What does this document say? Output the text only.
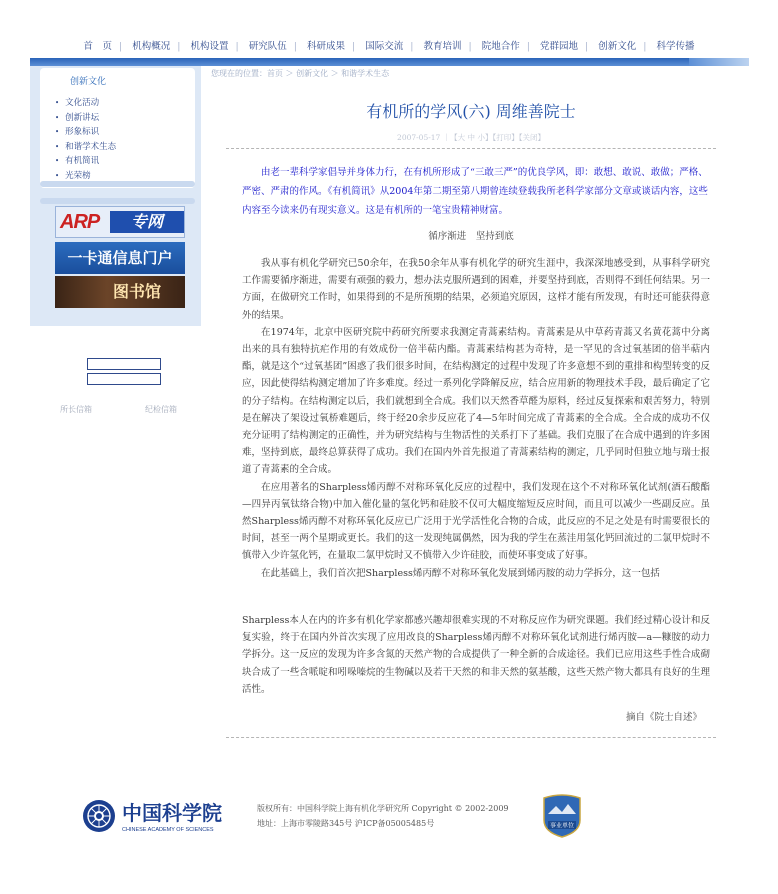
首　页 | 机构概况 | 机构设置 | 研究队伍 | 科研成果 | 国际交流 | 教育培训 | 院地合作 | 党群园地 | 创新文化 | 科学传播
创新文化
• 文化活动
• 创新讲坛
• 形象标识
• 和谐学术生态
• 有机简讯
• 光荣榜
ARP	专网
一卡通信息门户
图书馆
所长信箱	纪检信箱
您现在的位置：首页 ＞ 创新文化 ＞ 和谐学术生态
有机所的学风(六) 周维善院士
2007-05-17 ｜【大 中 小】【打印】【关闭】

由老一辈科学家倡导并身体力行，在有机所形成了“三敢三严”的优良学风，即：敢想、敢说、敢做；严格、严密、严肃的作风。《有机简讯》从2004年第二期至第八期曾连续登载我所老科学家部分文章或谈话内容，这些内容至今读来仍有现实意义。这是有机所的一笔宝贵精神财富。

循序渐进　坚持到底

我从事有机化学研究已50余年，在我50余年从事有机化学的研究生涯中，我深深地感受到，从事科学研究工作需要循序渐进，需要有顽强的毅力，想办法克服所遇到的困难，并要坚持到底，否则得不到任何结果。另一方面，在做研究工作时，如果得到的不是所预期的结果，必须追究原因，这样才能有所发现，有时还可能获得意外的结果。

在1974年，北京中医研究院中药研究所要求我测定青蒿素结构。青蒿素是从中草药青蒿又名黄花蒿中分离出来的具有独特抗疟作用的有效成份一倍半萜内酯。青蒿素结构甚为奇特，是一罕见的含过氧基团的倍半萜内酯，就是这个“过氧基团”困惑了我们很多时间，在结构测定的过程中发现了许多意想不到的重排和构型转变的反应，因此使得结构测定增加了许多难度。经过一系列化学降解反应，结合应用新的物理技术手段，最后确定了它的分子结构。在结构测定以后，我们就想到全合成。我们以天然香草醛为原料，经过反复探索和艰苦努力，特别是在解决了架设过氧桥难题后，终于经20余步反应花了4—5年时间完成了青蒿素的全合成。全合成的成功不仅充分证明了结构测定的正确性，并为研究结构与生物活性的关系打下了基础。我们克服了在合成中遇到的许多困难，坚持到底，最终总算获得了成功。我们在国内外首先报道了青蒿素结构的测定，几乎同时但独立地与瑞士报道了青蒿素的全合成。

在应用著名的Sharpless烯丙醇不对称环氧化反应的过程中，我们发现在这个不对称环氧化试剂(酒石酸酯—四异丙氧钛络合物)中加入催化量的氢化钙和硅胶不仅可大幅度缩短反应时间，而且可以减少一些副反应。虽然Sharpless烯丙醇不对称环氧化反应已广泛用于光学活性化合物的合成，此反应的不足之处是有时需要很长的时间，甚至一两个星期或更长。我们的这一发现纯属偶然，因为我的学生在蒸洼用氢化钙回流过的二氯甲烷时不慎带入少许氢化钙，在量取二氯甲烷时又不慎带入少许硅胶，而使环事变成了好事。

在此基础上，我们首次把Sharpless烯丙醇不对称环氧化发展到烯丙胺的动力学拆分，这一包括

Sharpless本人在内的许多有机化学家都感兴趣却很难实现的不对称反应作为研究课题。我们经过精心设计和反复实验，终于在国内外首次实现了应用改良的Sharpless烯丙醇不对称环氧化试剂进行烯丙胺—a—糠胺的动力学拆分。这一反应的发现为许多含氮的天然产物的合成提供了一种全新的合成途径。我们已应用这些手性合成砌块合成了一些含哌啶和吲哚嗪烷的生物碱以及若干天然的和非天然的氨基酸，这些天然产物大都具有良好的生理活性。
摘自《院士自述》
中国科学院
CHINESE ACADEMY OF SCIENCES
版权所有：中国科学院上海有机化学研究所 Copyright © 2002-2009
地址：上海市零陵路345号 沪ICP备05005485号	事业单位
